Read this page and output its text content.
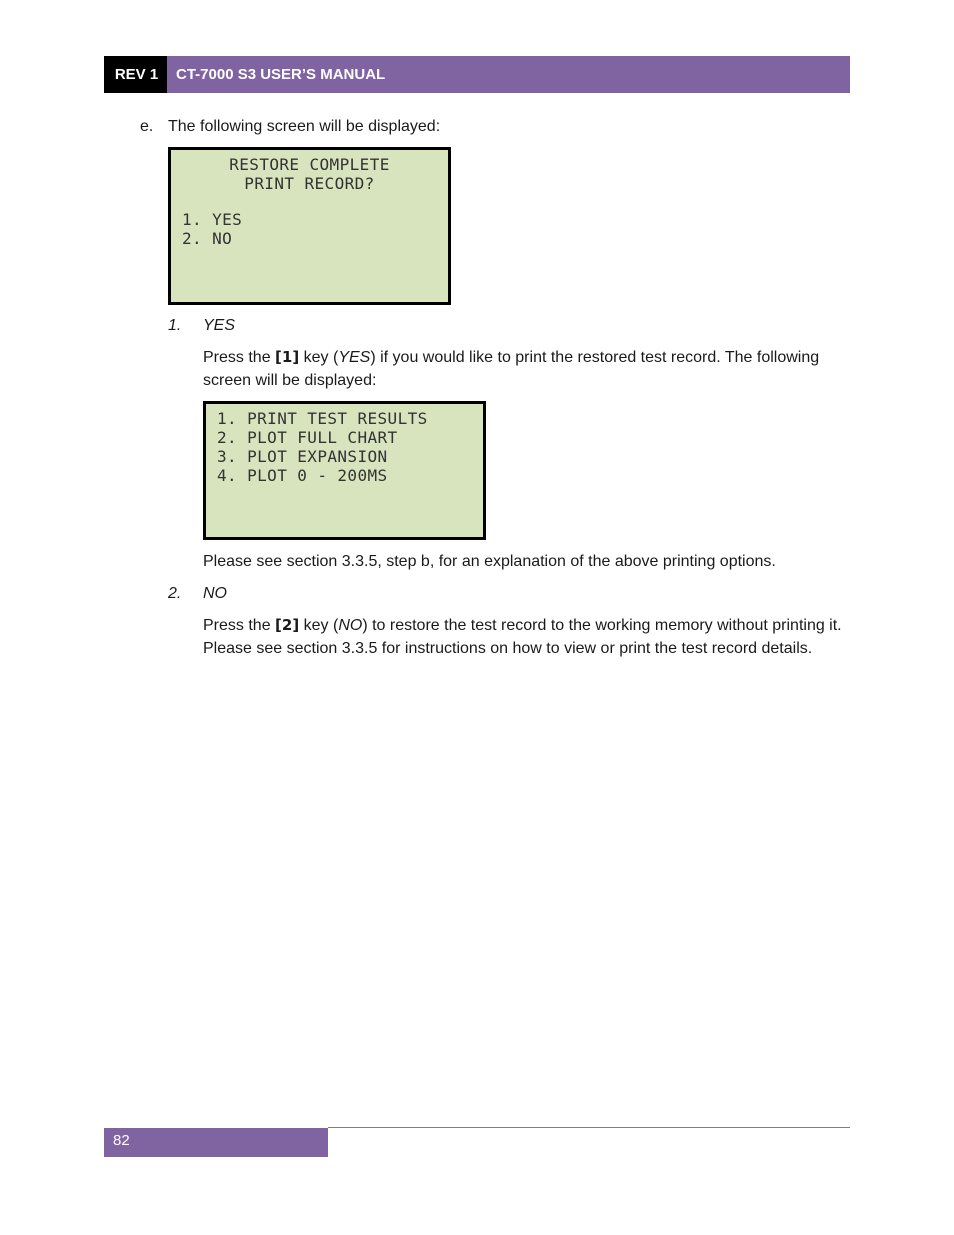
REV 1	CT-7000 S3 USER’S MANUAL
e. The following screen will be displayed:
RESTORE COMPLETE
PRINT RECORD?
1. YES
2. NO
1. YES
Press the [1] key (YES) if you would like to print the restored test record. The following screen will be displayed:
1. PRINT TEST RESULTS
2. PLOT FULL CHART
3. PLOT EXPANSION
4. PLOT 0 - 200MS
Please see section 3.3.5, step b, for an explanation of the above printing options.
2. NO
Press the [2] key (NO) to restore the test record to the working memory without printing it. Please see section 3.3.5 for instructions on how to view or print the test record details.
82
